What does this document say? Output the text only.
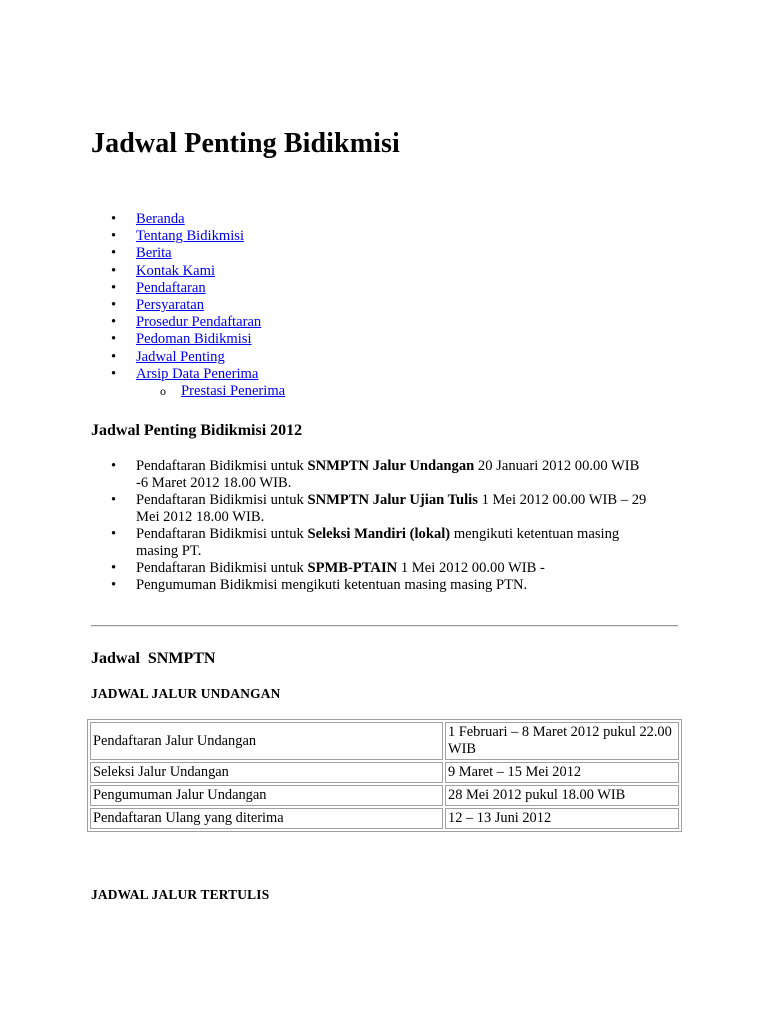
Jadwal Penting Bidikmisi
• Beranda
• Tentang Bidikmisi
• Berita
• Kontak Kami
• Pendaftaran
• Persyaratan
• Prosedur Pendaftaran
• Pedoman Bidikmisi
• Jadwal Penting
• Arsip Data Penerima
o Prestasi Penerima
Jadwal Penting Bidikmisi 2012
• Pendaftaran Bidikmisi untuk SNMPTN Jalur Undangan 20 Januari 2012 00.00 WIB -6 Maret 2012 18.00 WIB.
• Pendaftaran Bidikmisi untuk SNMPTN Jalur Ujian Tulis 1 Mei 2012 00.00 WIB – 29 Mei 2012 18.00 WIB.
• Pendaftaran Bidikmisi untuk Seleksi Mandiri (lokal) mengikuti ketentuan masing masing PT.
• Pendaftaran Bidikmisi untuk SPMB-PTAIN 1 Mei 2012 00.00 WIB -
• Pengumuman Bidikmisi mengikuti ketentuan masing masing PTN.
Jadwal  SNMPTN
JADWAL JALUR UNDANGAN
Pendaftaran Jalur Undangan	1 Februari – 8 Maret 2012 pukul 22.00 WIB
Seleksi Jalur Undangan	9 Maret – 15 Mei 2012
Pengumuman Jalur Undangan	28 Mei 2012 pukul 18.00 WIB
Pendaftaran Ulang yang diterima	12 – 13 Juni 2012
JADWAL JALUR TERTULIS
